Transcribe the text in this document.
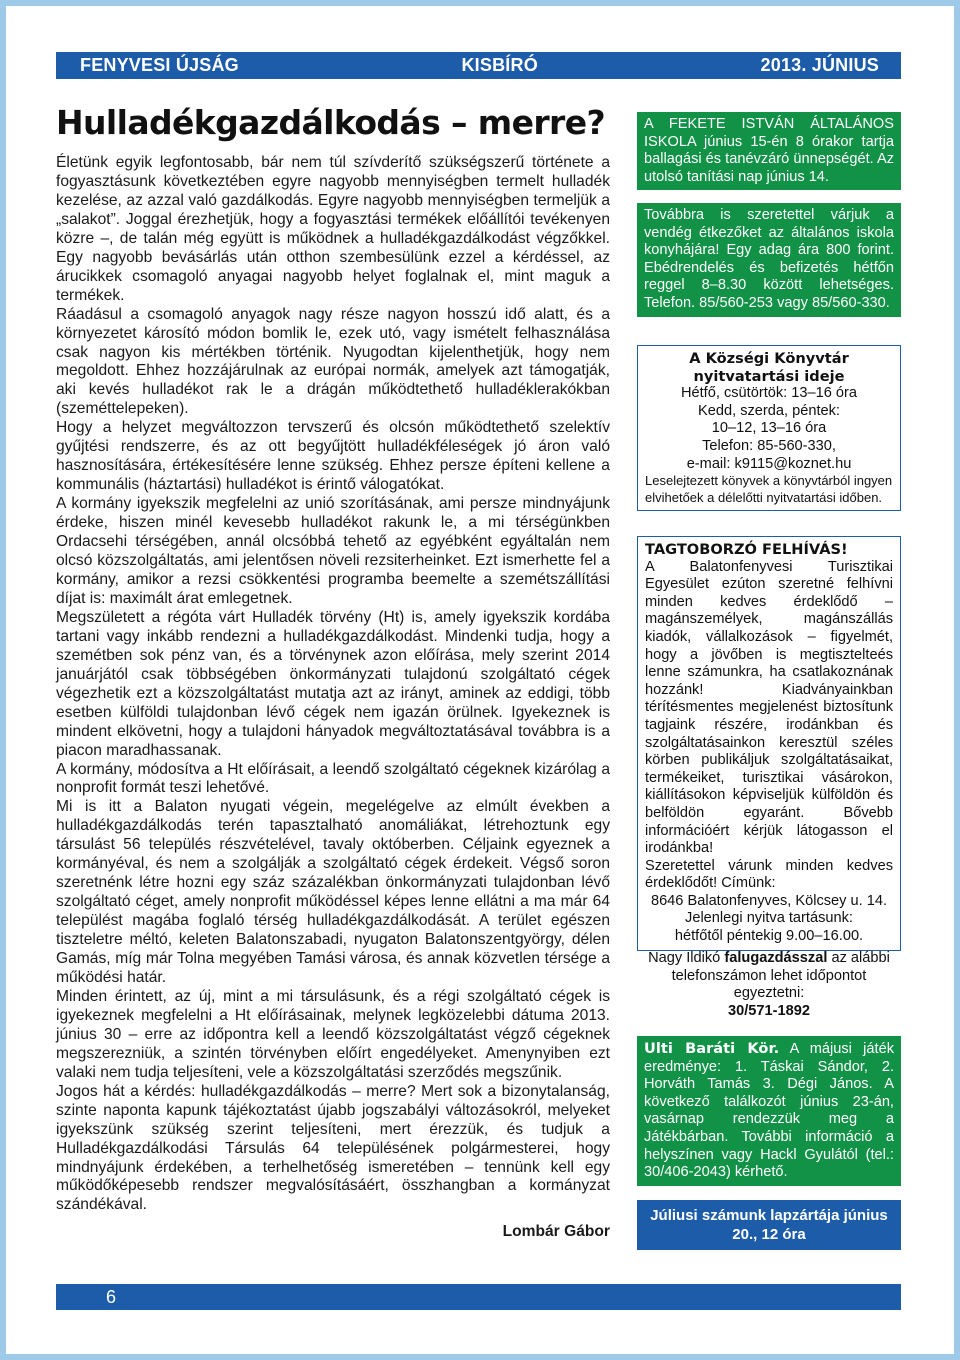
FENYVESI ÚJSÁG	KISBÍRÓ	2013. JÚNIUS
Hulladékgazdálkodás – merre?

Életünk egyik legfontosabb, bár nem túl szívderítő szükségszerű története a fogyasztásunk következtében egyre nagyobb mennyiségben termelt hulladék kezelése, az azzal való gazdálkodás. Egyre nagyobb mennyiségben termeljük a „salakot”. Joggal érezhetjük, hogy a fogyasztási termékek előállítói tevékenyen közre –, de talán még együtt is működnek a hulladékgazdálkodást végzőkkel. Egy nagyobb bevásárlás után otthon szembesülünk ezzel a kérdéssel, az árucikkek csomagoló anyagai nagyobb helyet foglalnak el, mint maguk a termékek.

Ráadásul a csomagoló anyagok nagy része nagyon hosszú idő alatt, és a környezetet károsító módon bomlik le, ezek utó, vagy ismételt felhasználása csak nagyon kis mértékben történik. Nyugodtan kijelenthetjük, hogy nem megoldott. Ehhez hozzájárulnak az európai normák, amelyek azt támogatják, aki kevés hulladékot rak le a drágán működtethető hulladéklerakókban (szeméttelepeken).

Hogy a helyzet megváltozzon tervszerű és olcsón működtethető szelektív gyűjtési rendszerre, és az ott begyűjtött hulladékféleségek jó áron való hasznosítására, értékesítésére lenne szükség. Ehhez persze építeni kellene a kommunális (háztartási) hulladékot is érintő válogatókat.

A kormány igyekszik megfelelni az unió szorításának, ami persze mindnyájunk érdeke, hiszen minél kevesebb hulladékot rakunk le, a mi térségünkben Ordacsehi térségében, annál olcsóbbá tehető az egyébként egyáltalán nem olcsó közszolgáltatás, ami jelentősen növeli rezsiterheinket. Ezt ismerhette fel a kormány, amikor a rezsi csökkentési programba beemelte a szemétszállítási díjat is: maximált árat emlegetnek.

Megszületett a régóta várt Hulladék törvény (Ht) is, amely igyekszik kordába tartani vagy inkább rendezni a hulladékgazdálkodást. Mindenki tudja, hogy a szemétben sok pénz van, és a törvénynek azon előírása, mely szerint 2014 januárjától csak többségében önkormányzati tulajdonú szolgáltató cégek végezhetik ezt a közszolgáltatást mutatja azt az irányt, aminek az eddigi, több esetben külföldi tulajdonban lévő cégek nem igazán örülnek. Igyekeznek is mindent elkövetni, hogy a tulajdoni hányadok megváltoztatásával továbbra is a piacon maradhassanak.

A kormány, módosítva a Ht előírásait, a leendő szolgáltató cégeknek kizárólag a nonprofit formát teszi lehetővé.

Mi is itt a Balaton nyugati végein, megelégelve az elmúlt években a hulladékgazdálkodás terén tapasztalható anomáliákat, létrehoztunk egy társulást 56 település részvételével, tavaly októberben. Céljaink egyeznek a kormányéval, és nem a szolgálják a szolgáltató cégek érdekeit. Végső soron szeretnénk létre hozni egy száz százalékban önkormányzati tulajdonban lévő szolgáltató céget, amely nonprofit működéssel képes lenne ellátni a ma már 64 települést magába foglaló térség hulladékgazdálkodását. A terület egészen tiszteletre méltó, keleten Balatonszabadi, nyugaton Balatonszentgyörgy, délen Gamás, míg már Tolna megyében Tamási városa, és annak közvetlen térsége a működési határ.

Minden érintett, az új, mint a mi társulásunk, és a régi szolgáltató cégek is igyekeznek megfelelni a Ht előírásainak, melynek legközelebbi dátuma 2013. június 30 – erre az időpontra kell a leendő közszolgáltatást végző cégeknek megszerezniük, a szintén törvényben előírt engedélyeket. Amenynyiben ezt valaki nem tudja teljesíteni, vele a közszolgáltatási szerződés megszűnik.

Jogos hát a kérdés: hulladékgazdálkodás – merre? Mert sok a bizonytalanság, szinte naponta kapunk tájékoztatást újabb jogszabályi változásokról, melyeket igyekszünk szükség szerint teljesíteni, mert érezzük, és tudjuk a Hulladékgazdálkodási Társulás 64 településének polgármesterei, hogy mindnyájunk érdekében, a terhelhetőség ismeretében – tennünk kell egy működőképesebb rendszer megvalósításáért, összhangban a kormányzat szándékával.

Lombár Gábor

A FEKETE ISTVÁN ÁLTALÁNOS ISKOLA június 15-én 8 órakor tartja ballagási és tanévzáró ünnepségét. Az utolsó tanítási nap június 14.
Továbbra is szeretettel várjuk a vendég étkezőket az általános iskola konyhájára! Egy adag ára 800 forint. Ebédrendelés és befizetés hétfőn reggel 8–8.30 között lehetséges. Telefon. 85/560-253 vagy 85/560-330.
A Községi Könyvtár nyitvatartási ideje
Hétfő, csütörtök: 13–16 óra
Kedd, szerda, péntek:
10–12, 13–16 óra
Telefon: 85-560-330,
e-mail: k9115@koznet.hu
Leselejtezett könyvek a könyvtárból ingyen elvihetőek a délelőtti nyitvatartási időben.
TAGTOBORZÓ FELHÍVÁS!
A Balatonfenyvesi Turisztikai Egyesület ezúton szeretné felhívni minden kedves érdeklődő – magánszemélyek, magánszállás kiadók, vállalkozások – figyelmét, hogy a jövőben is megtisztelteés lenne számunkra, ha csatlakoznának hozzánk! Kiadványainkban térítésmentes megjelenést biztosítunk tagjaink részére, irodánkban és szolgáltatásainkon keresztül széles körben publikáljuk szolgáltatásaikat, termékeiket, turisztikai vásárokon, kiállításokon képviseljük külföldön és belföldön egyaránt. Bővebb információért kérjük látogasson el irodánkba!
Szeretettel várunk minden kedves érdeklődőt! Címünk:
8646 Balatonfenyves, Kölcsey u. 14.
Jelenlegi nyitva tartásunk:
hétfőtől péntekig 9.00–16.00.
Nagy Ildikó falugazdásszal az alábbi telefonszámon lehet időpontot egyeztetni:
30/571-1892
Ulti Baráti Kör. A májusi játék eredménye: 1. Táskai Sándor, 2. Horváth Tamás 3. Dégi János. A következő találkozót június 23-án, vasárnap rendezzük meg a Játékbárban. További információ a helyszínen vagy Hackl Gyulától (tel.: 30/406-2043) kérhető.
Júliusi számunk lapzártája június 20., 12 óra
6
